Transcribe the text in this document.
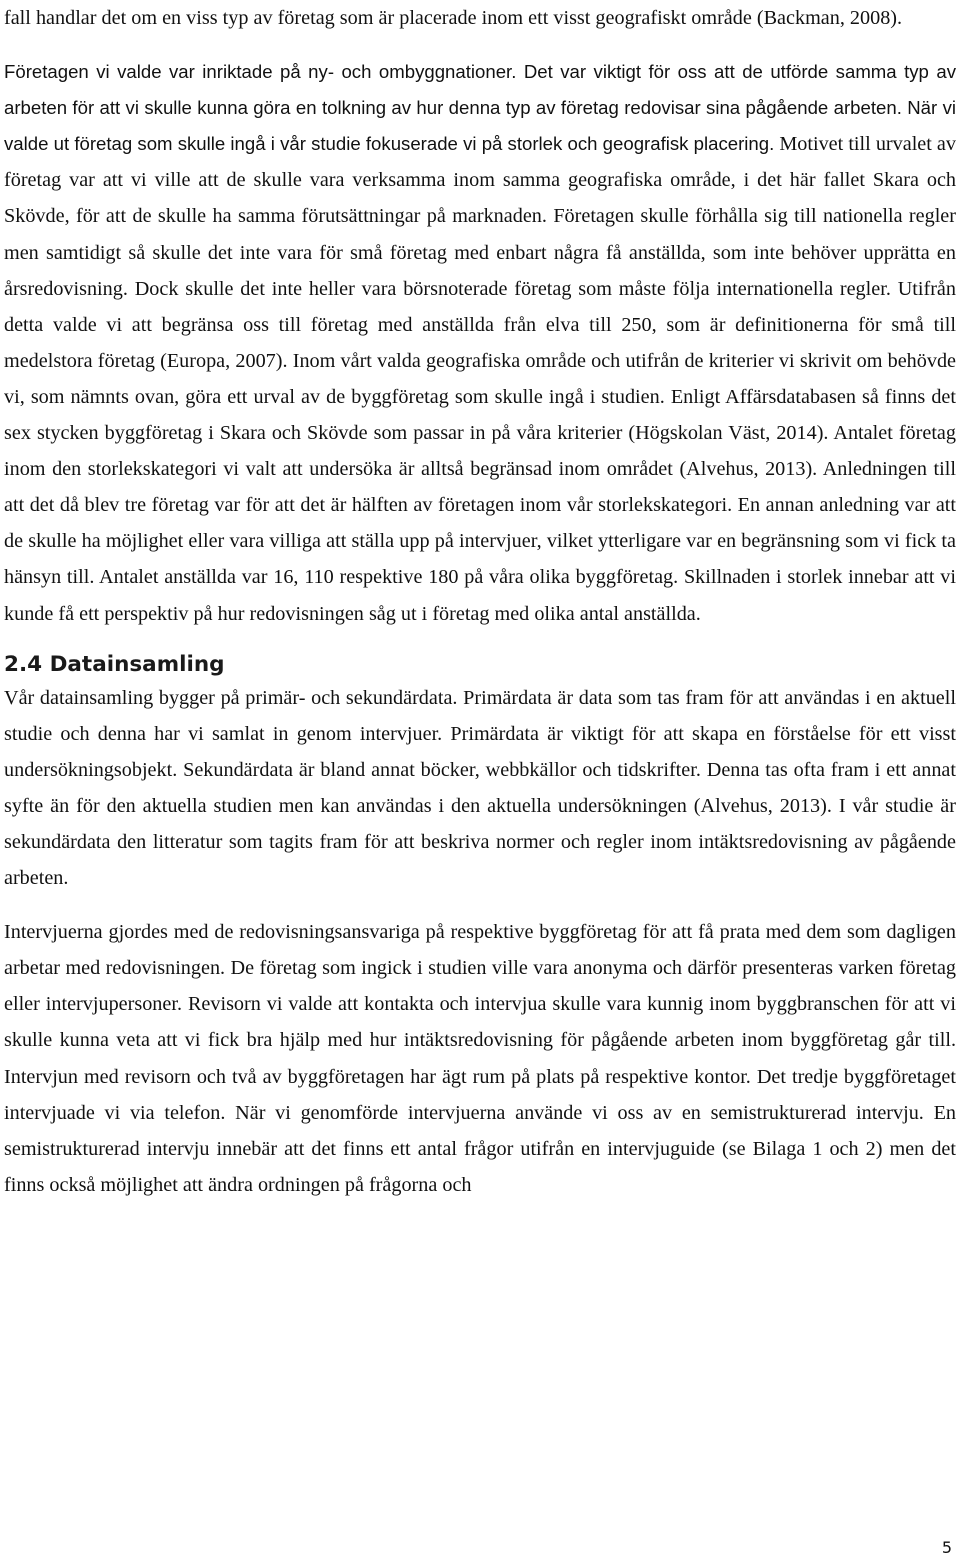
fall handlar det om en viss typ av företag som är placerade inom ett visst geografiskt område (Backman, 2008).

Företagen vi valde var inriktade på ny- och ombyggnationer. Det var viktigt för oss att de utförde samma typ av arbeten för att vi skulle kunna göra en tolkning av hur denna typ av företag redovisar sina pågående arbeten. När vi valde ut företag som skulle ingå i vår studie fokuserade vi på storlek och geografisk placering. Motivet till urvalet av företag var att vi ville att de skulle vara verksamma inom samma geografiska område, i det här fallet Skara och Skövde, för att de skulle ha samma förutsättningar på marknaden. Företagen skulle förhålla sig till nationella regler men samtidigt så skulle det inte vara för små företag med enbart några få anställda, som inte behöver upprätta en årsredovisning. Dock skulle det inte heller vara börsnoterade företag som måste följa internationella regler. Utifrån detta valde vi att begränsa oss till företag med anställda från elva till 250, som är definitionerna för små till medelstora företag (Europa, 2007). Inom vårt valda geografiska område och utifrån de kriterier vi skrivit om behövde vi, som nämnts ovan, göra ett urval av de byggföretag som skulle ingå i studien. Enligt Affärsdatabasen så finns det sex stycken byggföretag i Skara och Skövde som passar in på våra kriterier (Högskolan Väst, 2014). Antalet företag inom den storlekskategori vi valt att undersöka är alltså begränsad inom området (Alvehus, 2013). Anledningen till att det då blev tre företag var för att det är hälften av företagen inom vår storlekskategori. En annan anledning var att de skulle ha möjlighet eller vara villiga att ställa upp på intervjuer, vilket ytterligare var en begränsning som vi fick ta hänsyn till. Antalet anställda var 16, 110 respektive 180 på våra olika byggföretag. Skillnaden i storlek innebar att vi kunde få ett perspektiv på hur redovisningen såg ut i företag med olika antal anställda.

2.4 Datainsamling

Vår datainsamling bygger på primär- och sekundärdata. Primärdata är data som tas fram för att användas i en aktuell studie och denna har vi samlat in genom intervjuer. Primärdata är viktigt för att skapa en förståelse för ett visst undersökningsobjekt. Sekundärdata är bland annat böcker, webbkällor och tidskrifter. Denna tas ofta fram i ett annat syfte än för den aktuella studien men kan användas i den aktuella undersökningen (Alvehus, 2013). I vår studie är sekundärdata den litteratur som tagits fram för att beskriva normer och regler inom intäktsredovisning av pågående arbeten.

Intervjuerna gjordes med de redovisningsansvariga på respektive byggföretag för att få prata med dem som dagligen arbetar med redovisningen. De företag som ingick i studien ville vara anonyma och därför presenteras varken företag eller intervjupersoner. Revisorn vi valde att kontakta och intervjua skulle vara kunnig inom byggbranschen för att vi skulle kunna veta att vi fick bra hjälp med hur intäktsredovisning för pågående arbeten inom byggföretag går till. Intervjun med revisorn och två av byggföretagen har ägt rum på plats på respektive kontor. Det tredje byggföretaget intervjuade vi via telefon. När vi genomförde intervjuerna använde vi oss av en semistrukturerad intervju. En semistrukturerad intervju innebär att det finns ett antal frågor utifrån en intervjuguide (se Bilaga 1 och 2) men det finns också möjlighet att ändra ordningen på frågorna och

5
